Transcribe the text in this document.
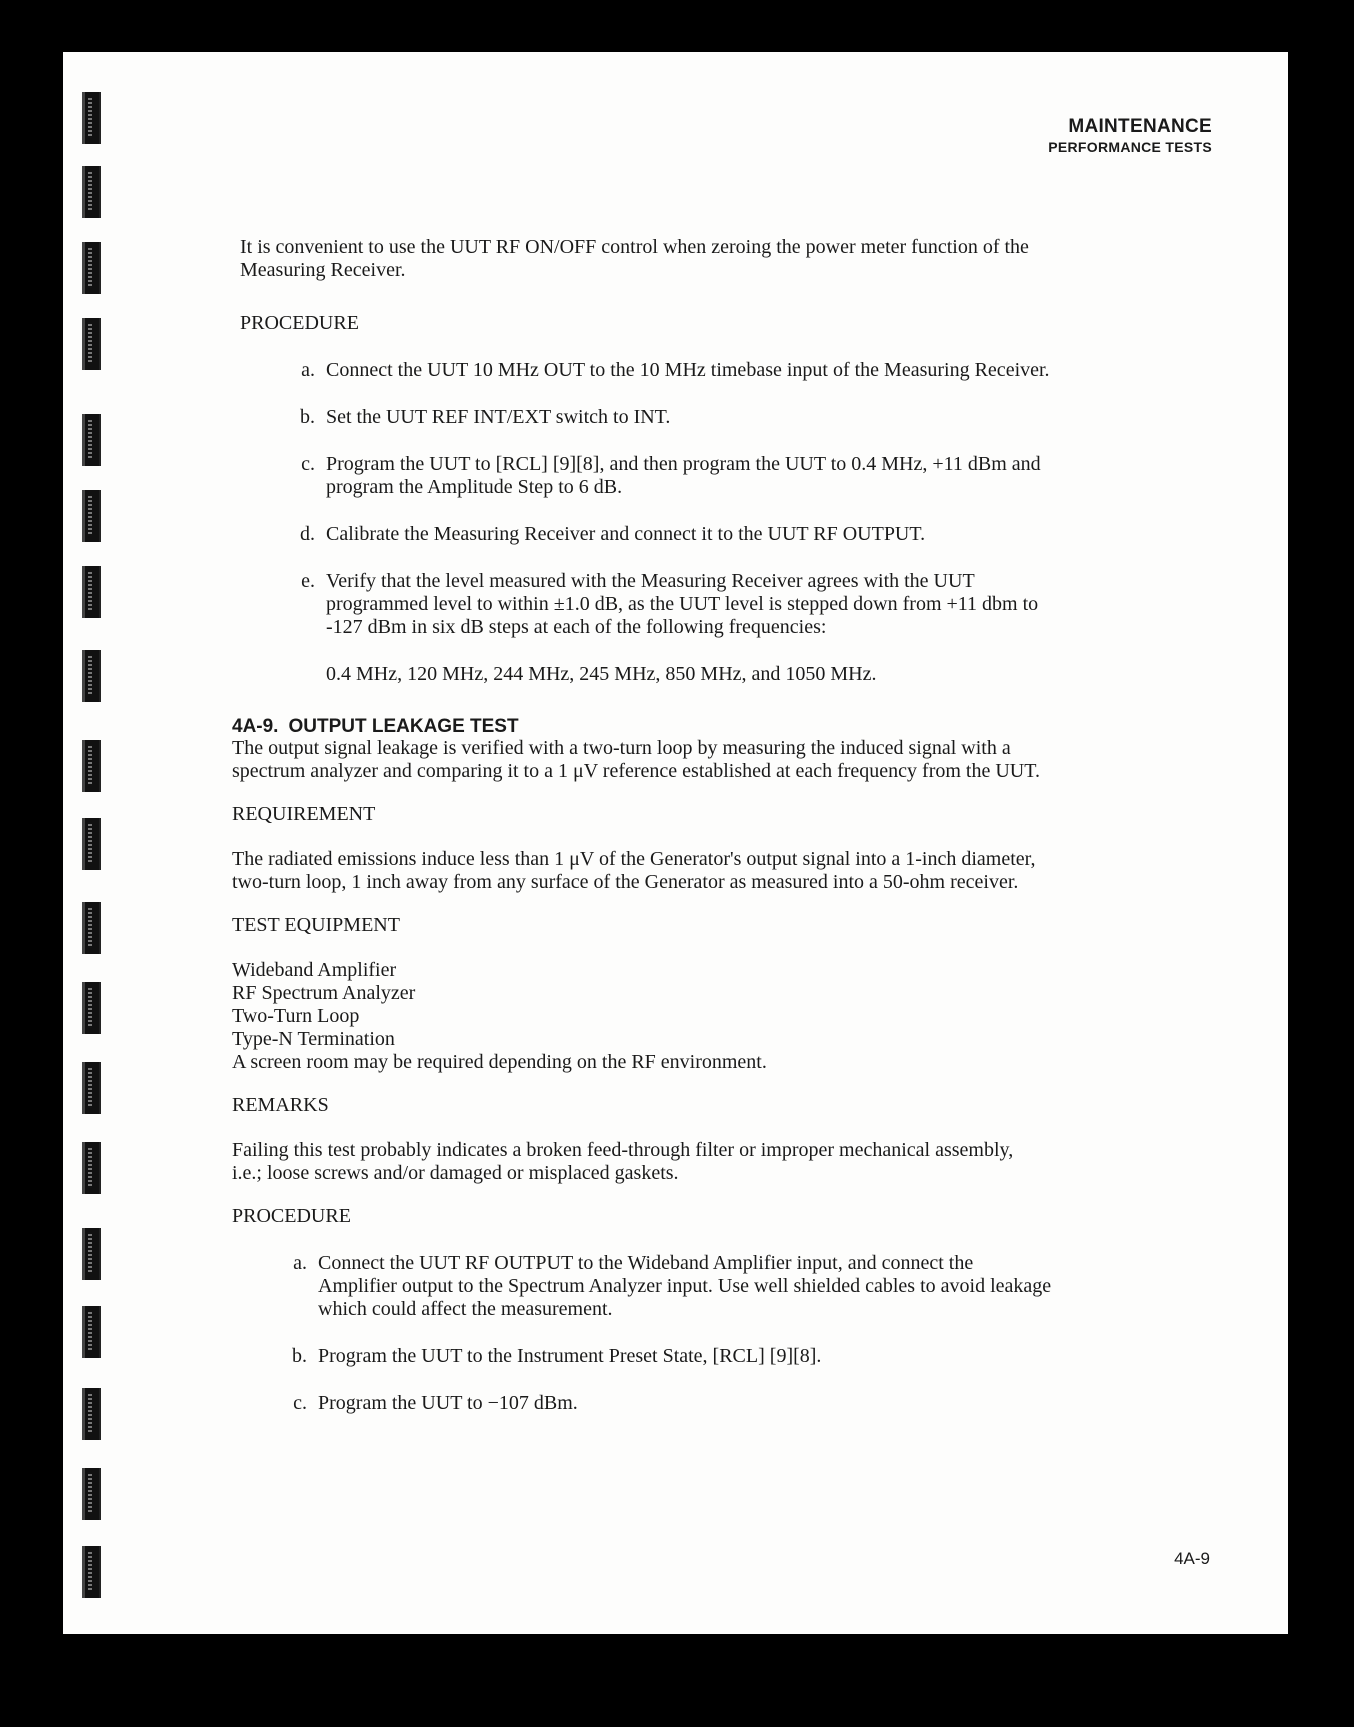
MAINTENANCE
PERFORMANCE TESTS

It is convenient to use the UUT RF ON/OFF control when zeroing the power meter function of the Measuring Receiver.

PROCEDURE

a. Connect the UUT 10 MHz OUT to the 10 MHz timebase input of the Measuring Receiver.
b. Set the UUT REF INT/EXT switch to INT.
c. Program the UUT to [RCL] [9][8], and then program the UUT to 0.4 MHz, +11 dBm and program the Amplitude Step to 6 dB.
d. Calibrate the Measuring Receiver and connect it to the UUT RF OUTPUT.
e. Verify that the level measured with the Measuring Receiver agrees with the UUT programmed level to within ±1.0 dB, as the UUT level is stepped down from +11 dbm to -127 dBm in six dB steps at each of the following frequencies:

0.4 MHz, 120 MHz, 244 MHz, 245 MHz, 850 MHz, and 1050 MHz.

4A-9. OUTPUT LEAKAGE TEST

The output signal leakage is verified with a two-turn loop by measuring the induced signal with a spectrum analyzer and comparing it to a 1 μV reference established at each frequency from the UUT.

REQUIREMENT

The radiated emissions induce less than 1 μV of the Generator's output signal into a 1-inch diameter, two-turn loop, 1 inch away from any surface of the Generator as measured into a 50-ohm receiver.

TEST EQUIPMENT

Wideband Amplifier

RF Spectrum Analyzer

Two-Turn Loop

Type-N Termination

A screen room may be required depending on the RF environment.

REMARKS

Failing this test probably indicates a broken feed-through filter or improper mechanical assembly, i.e.; loose screws and/or damaged or misplaced gaskets.

PROCEDURE

a. Connect the UUT RF OUTPUT to the Wideband Amplifier input, and connect the Amplifier output to the Spectrum Analyzer input. Use well shielded cables to avoid leakage which could affect the measurement.
b. Program the UUT to the Instrument Preset State, [RCL] [9][8].
c. Program the UUT to −107 dBm.
4A-9
